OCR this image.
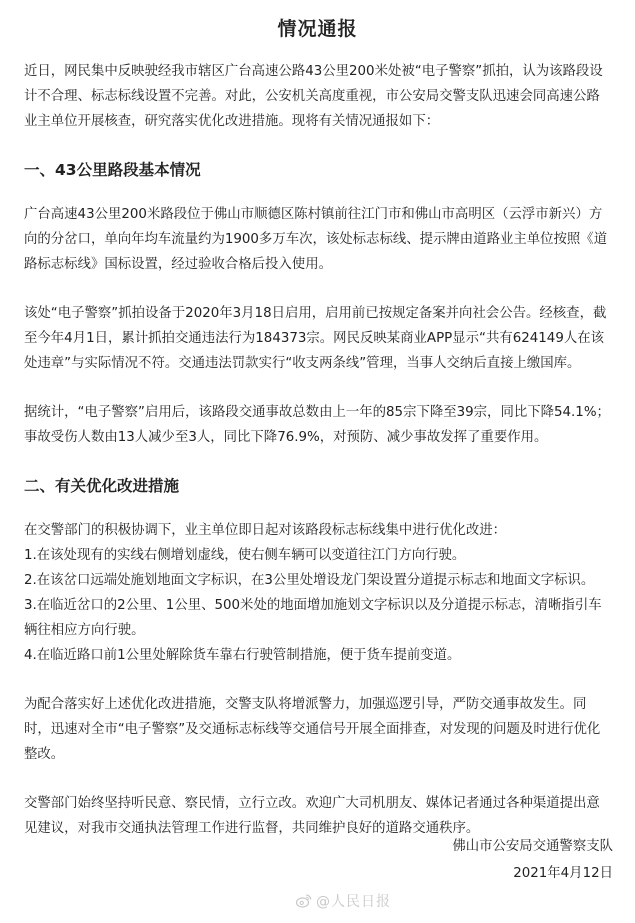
情况通报

近日，网民集中反映驶经我市辖区广台高速公路43公里200米处被“电子警察”抓拍，认为该路段设计不合理、标志标线设置不完善。对此，公安机关高度重视，市公安局交警支队迅速会同高速公路业主单位开展核查，研究落实优化改进措施。现将有关情况通报如下：

一、43公里路段基本情况

广台高速43公里200米路段位于佛山市顺德区陈村镇前往江门市和佛山市高明区（云浮市新兴）方向的分岔口，单向年均车流量约为1900多万车次，该处标志标线、提示牌由道路业主单位按照《道路标志标线》国标设置，经过验收合格后投入使用。

该处“电子警察”抓拍设备于2020年3月18日启用，启用前已按规定备案并向社会公告。经核查，截至今年4月1日，累计抓拍交通违法行为184373宗。网民反映某商业APP显示“共有624149人在该处违章”与实际情况不符。交通违法罚款实行“收支两条线”管理，当事人交纳后直接上缴国库。

据统计，“电子警察”启用后，该路段交通事故总数由上一年的85宗下降至39宗，同比下降54.1%；事故受伤人数由13人减少至3人，同比下降76.9%，对预防、减少事故发挥了重要作用。

二、有关优化改进措施
在交警部门的积极协调下，业主单位即日起对该路段标志标线集中进行优化改进：
1.在该处现有的实线右侧增划虚线，使右侧车辆可以变道往江门方向行驶。
2.在该岔口远端处施划地面文字标识，在3公里处增设龙门架设置分道提示标志和地面文字标识。
3.在临近岔口的2公里、1公里、500米处的地面增加施划文字标识以及分道提示标志，清晰指引车辆往相应方向行驶。
4.在临近路口前1公里处解除货车靠右行驶管制措施，便于货车提前变道。

为配合落实好上述优化改进措施，交警支队将增派警力，加强巡逻引导，严防交通事故发生。同时，迅速对全市“电子警察”及交通标志标线等交通信号开展全面排查，对发现的问题及时进行优化整改。

交警部门始终坚持听民意、察民情，立行立改。欢迎广大司机朋友、媒体记者通过各种渠道提出意见建议，对我市交通执法管理工作进行监督，共同维护良好的道路交通秩序。

佛山市公安局交通警察支队
2021年4月12日
@人民日报
